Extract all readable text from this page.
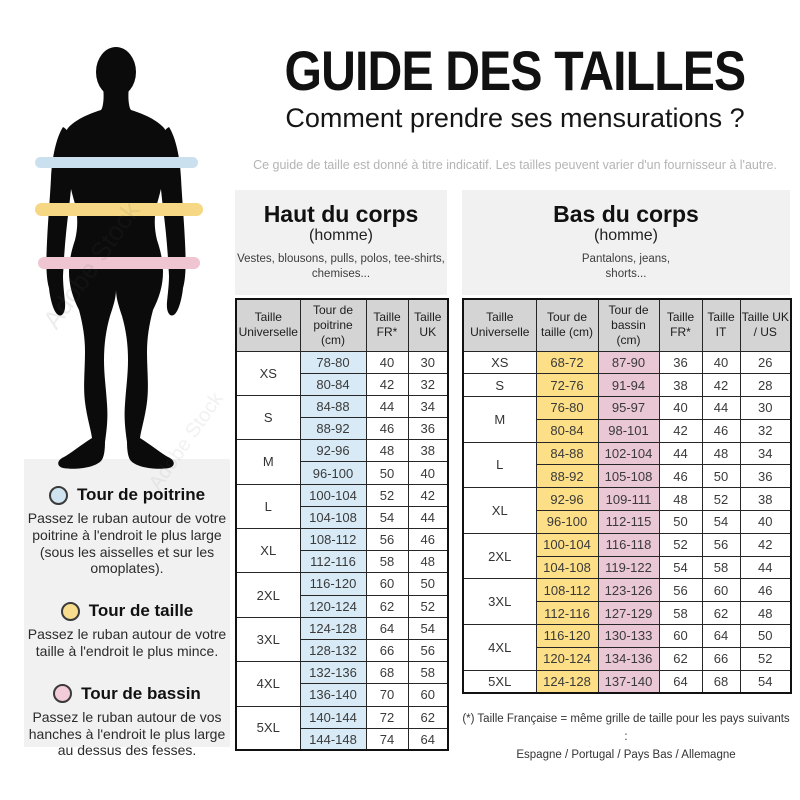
Tour de poitrine

Passez le ruban autour de votre poitrine à l'endroit le plus large (sous les aisselles et sur les omoplates).

Tour de taille

Passez le ruban autour de votre taille à l'endroit le plus mince.

Tour de bassin

Passez le ruban autour de vos hanches à l'endroit le plus large au dessus des fesses.

Adobe Stock
GUIDE DES TAILLES
Comment prendre ses mensurations ?
Ce guide de taille est donné à titre indicatif. Les tailles peuvent varier d'un fournisseur à l'autre.
Haut du corps
(homme)
Vestes, blousons, pulls, polos, tee-shirts, chemises...
Taille Universelle	Tour de poitrine (cm)	Taille FR*	Taille UK
XS	78-80	40	30
	80-84	42	32
S	84-88	44	34
	88-92	46	36
M	92-96	48	38
	96-100	50	40
L	100-104	52	42
	104-108	54	44
XL	108-112	56	46
	112-116	58	48
2XL	116-120	60	50
	120-124	62	52
3XL	124-128	64	54
	128-132	66	56
4XL	132-136	68	58
	136-140	70	60
5XL	140-144	72	62
	144-148	74	64
Bas du corps
(homme)
Pantalons, jeans, shorts...
Taille Universelle	Tour de taille (cm)	Tour de bassin (cm)	Taille FR*	Taille IT	Taille UK / US
XS	68-72	87-90	36	40	26
S	72-76	91-94	38	42	28
M	76-80	95-97	40	44	30
	80-84	98-101	42	46	32
L	84-88	102-104	44	48	34
	88-92	105-108	46	50	36
XL	92-96	109-111	48	52	38
	96-100	112-115	50	54	40
2XL	100-104	116-118	52	56	42
	104-108	119-122	54	58	44
3XL	108-112	123-126	56	60	46
	112-116	127-129	58	62	48
4XL	116-120	130-133	60	64	50
	120-124	134-136	62	66	52
5XL	124-128	137-140	64	68	54
(*) Taille Française = même grille de taille pour les pays suivants :
Espagne / Portugal / Pays Bas / Allemagne
